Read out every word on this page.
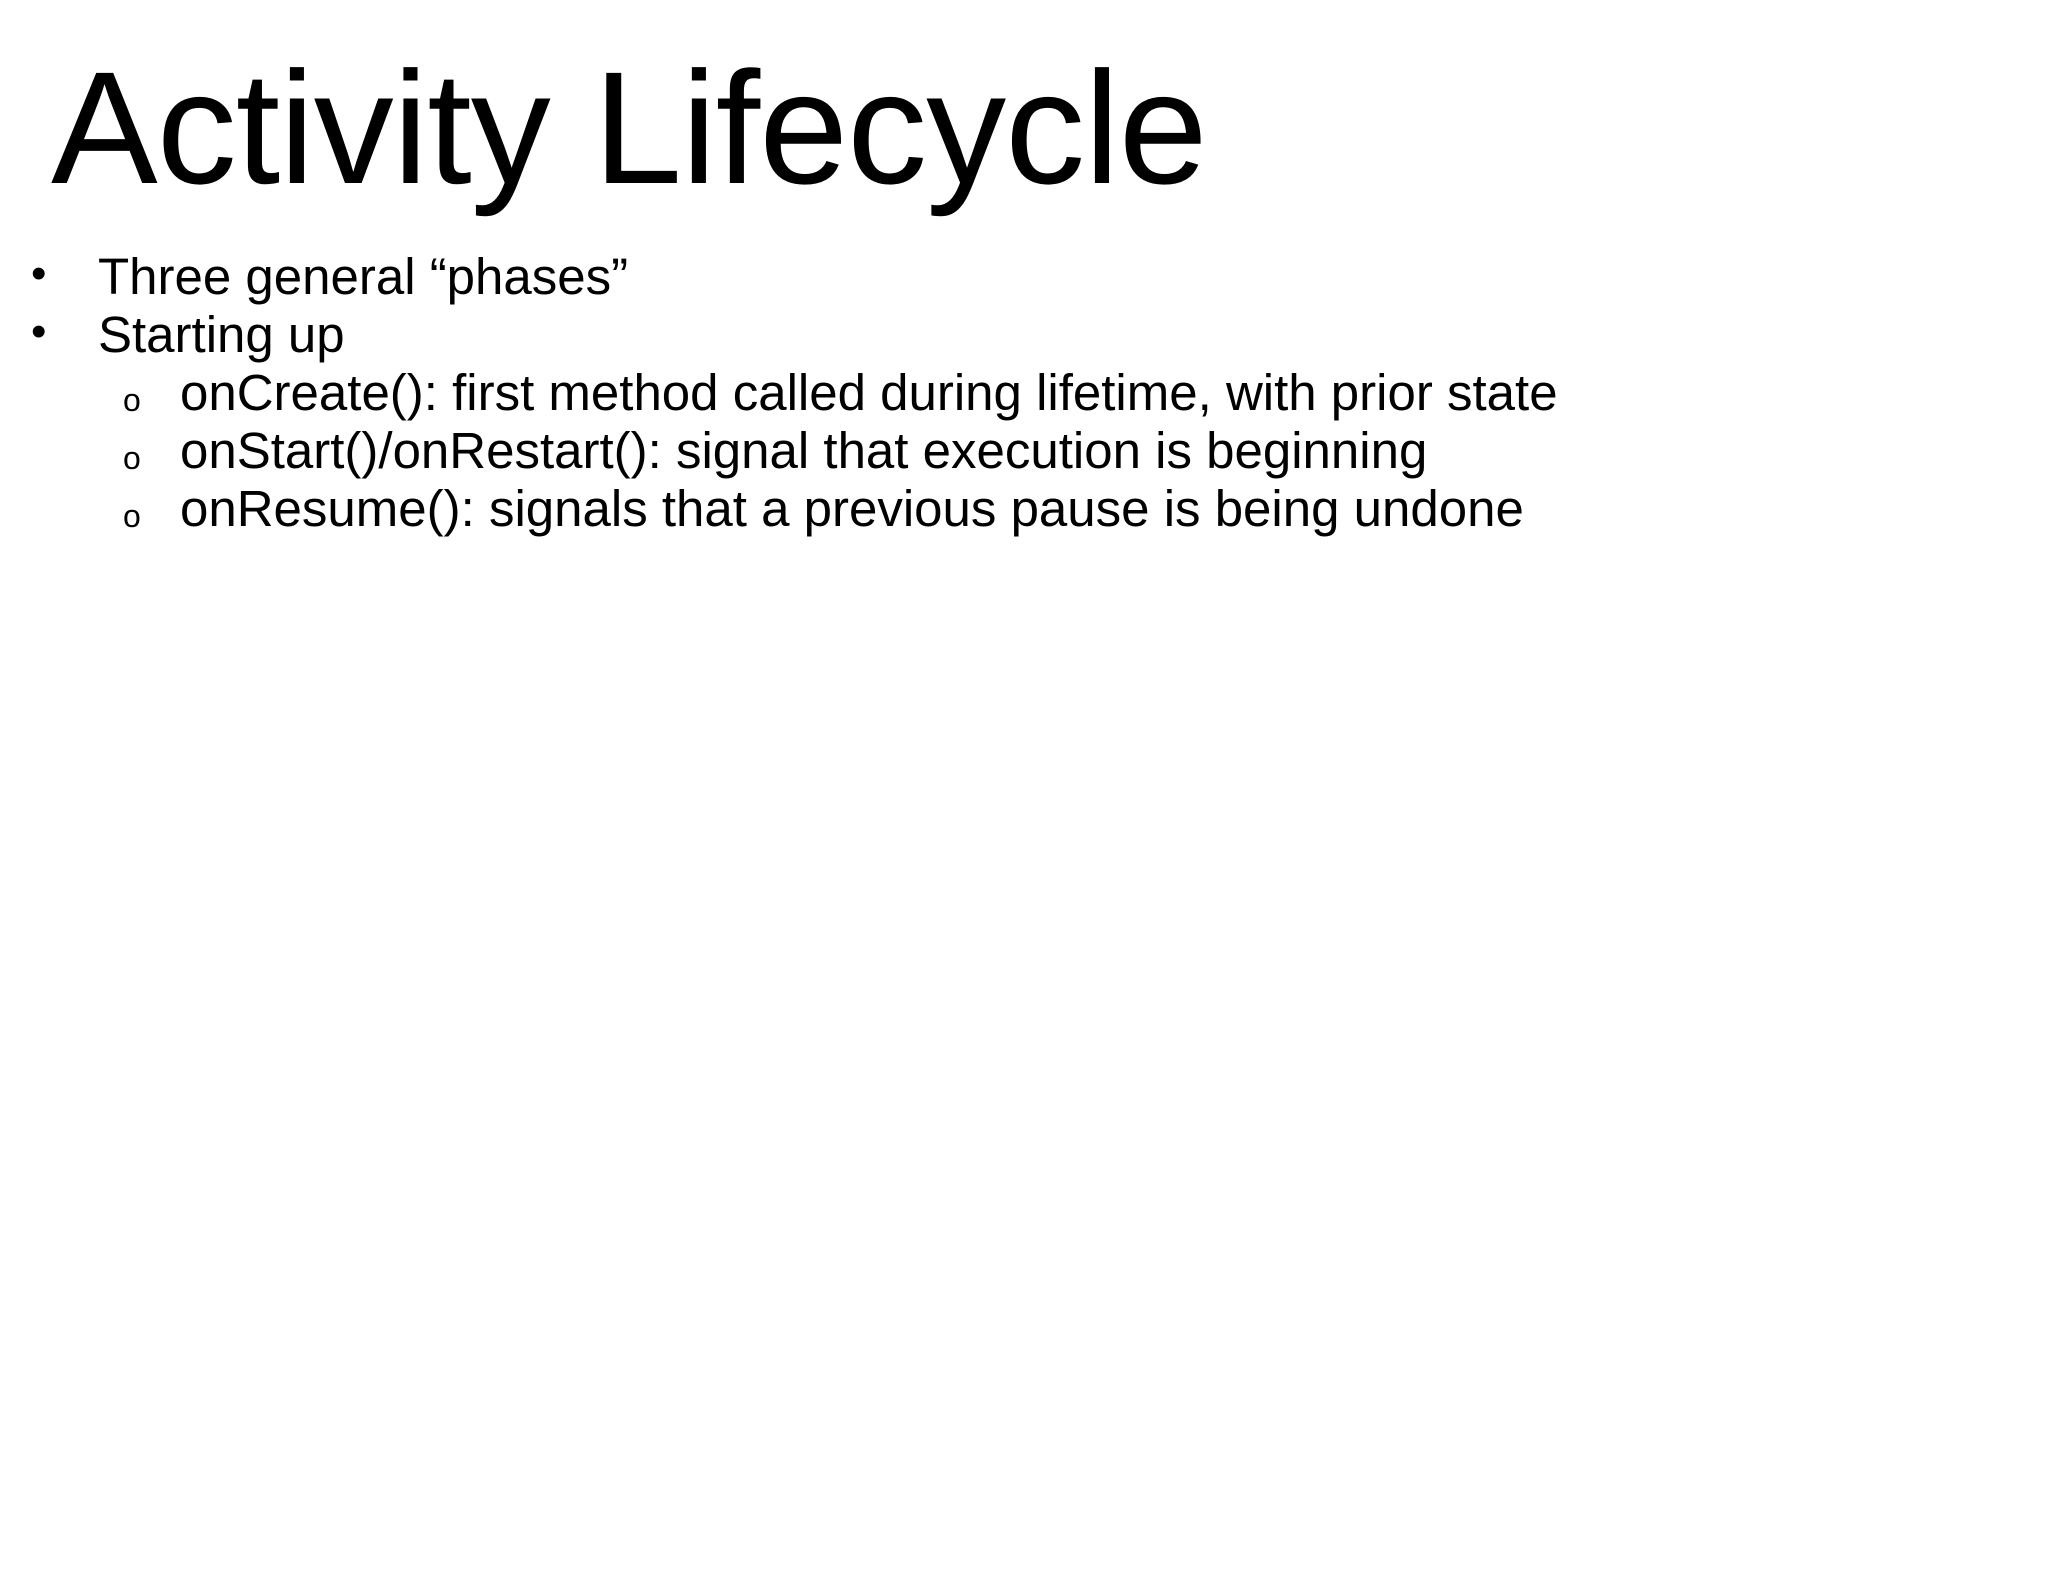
Activity Lifecycle
• Three general “phases”
• Starting up
o onCreate(): first method called during lifetime, with prior state
o onStart()/onRestart(): signal that execution is beginning
o onResume(): signals that a previous pause is being undone
